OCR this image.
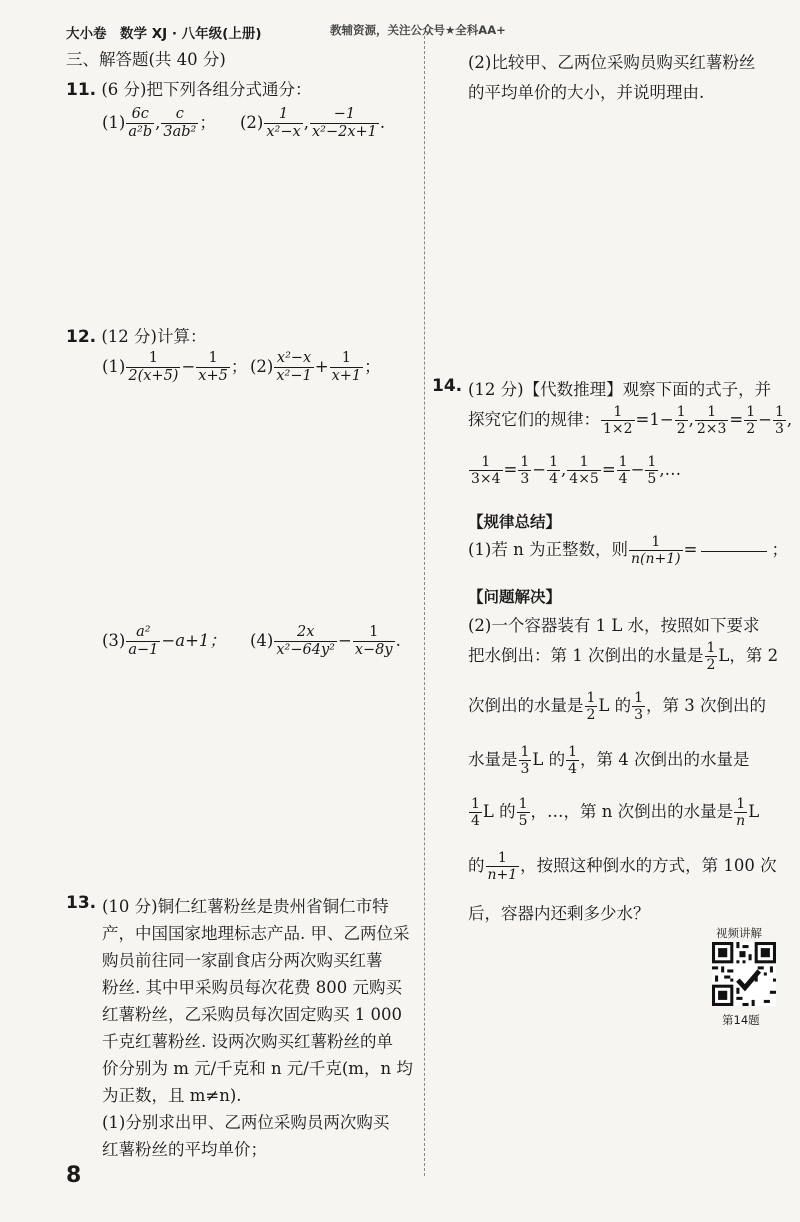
大小卷　数学 XJ · 八年级(上册)	教辅资源，关注公众号★全科AA+
三、解答题(共 40 分)
11. (6 分)把下列各组分式通分：
$(1) \frac{6c}{\text{a²b}}$ , $\frac{c}{\text{3ab²}}$ ； $(2) \frac{1}{\text{x²−x}}$ , $\frac{-1}{\text{x²−2x+1}}$ .
12. (12 分)计算：
$(1) \frac{1}{2(x+5)} - \frac{1}{x+5}$ ； $(2) \frac{\text{x²−x}}{\text{x²−1}} + \frac{1}{x+1}$ ；
$(3) \frac{\text{a²}}{a-1} -a+1$； $(4) \frac{2x}{\text{x²−64y²}} - \frac{1}{x-8y}$ .
13. (10 分)铜仁红薯粉丝是贵州省铜仁市特
产，中国国家地理标志产品. 甲、乙两位采
购员前往同一家副食店分两次购买红薯
粉丝. 其中甲采购员每次花费 800 元购买
红薯粉丝，乙采购员每次固定购买 1 000
千克红薯粉丝. 设两次购买红薯粉丝的单
价分别为 m 元/千克和 n 元/千克(m，n 均
为正数，且 m≠n).
(1)分别求出甲、乙两位采购员两次购买
红薯粉丝的平均单价；
(2)比较甲、乙两位采购员购买红薯粉丝
的平均单价的大小，并说明理由.
14. (12 分)【代数推理】观察下面的式子，并
探究它们的规律： $\frac{1}{1\times 2} =1- \frac{1}{2}$ , $\frac{1}{2\times 3} = \frac{1}{2} - \frac{1}{3}$ ,
$\frac{1}{3\times 4} = \frac{1}{3} - \frac{1}{4}$ , $\frac{1}{4\times 5} = \frac{1}{4} - \frac{1}{5}$ ,…
【规律总结】
(1)若 n 为正整数，则 $\frac{1}{n(n+1)}$ =	；
【问题解决】
(2)一个容器装有 1 L 水，按照如下要求
把水倒出：第 1 次倒出的水量是 $\frac{1}{2}$ L，第 2
次倒出的水量是 $\frac{1}{2}$ L 的 $\frac{1}{3}$ ，第 3 次倒出的
水量是 $\frac{1}{3}$ L 的 $\frac{1}{4}$ ，第 4 次倒出的水量是
$\frac{1}{4}$ L 的 $\frac{1}{5}$ ，…，第 n 次倒出的水量是 $\frac{1}{n}$ L
的 $\frac{1}{n+1}$ ，按照这种倒水的方式，第 100 次
后，容器内还剩多少水？
视频讲解
第14题
8
